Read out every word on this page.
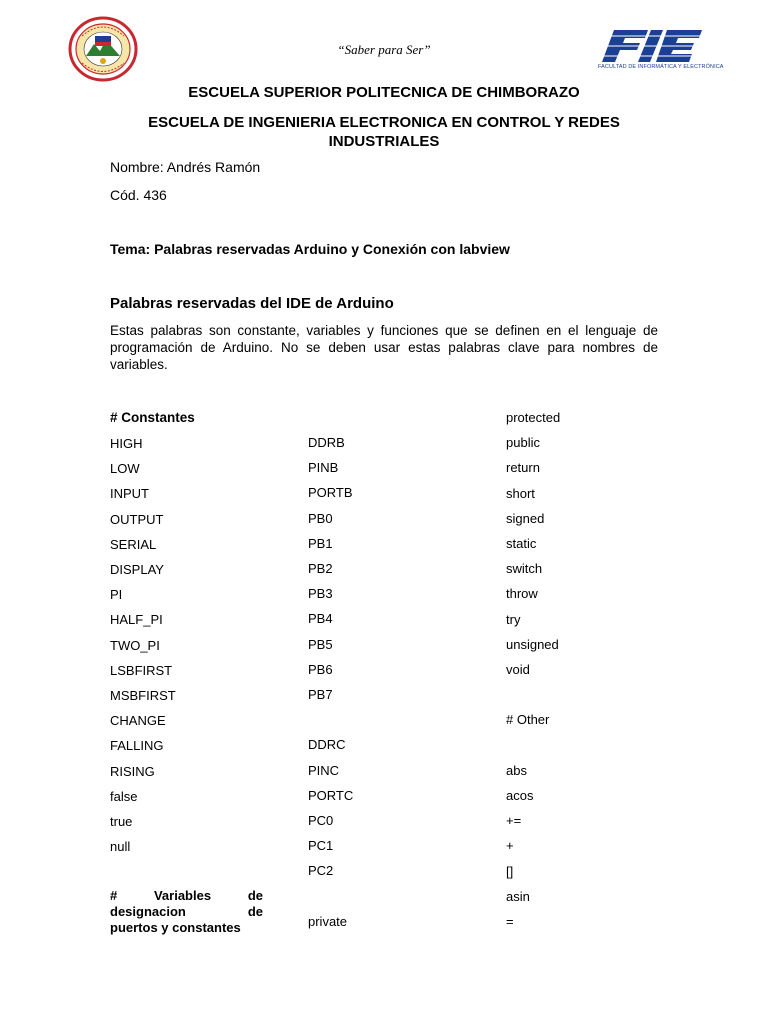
“Saber para Ser”
FACULTAD DE INFORMÁTICA Y ELECTRÓNICA
ESCUELA SUPERIOR POLITECNICA DE CHIMBORAZO
ESCUELA DE INGENIERIA ELECTRONICA EN CONTROL Y REDES INDUSTRIALES
Nombre: Andrés Ramón
Cód. 436
Tema: Palabras reservadas Arduino y Conexión con labview
Palabras reservadas del IDE de Arduino
Estas palabras son constante, variables y funciones que se definen en el lenguaje de programación de Arduino. No se deben usar estas palabras clave para nombres de variables.
# Constantes
HIGH
LOW
INPUT
OUTPUT
SERIAL
DISPLAY
PI
HALF_PI
TWO_PI
LSBFIRST
MSBFIRST
CHANGE
FALLING
RISING
false
true
null
DDRB
PINB
PORTB
PB0
PB1
PB2
PB3
PB4
PB5
PB6
PB7
DDRC
PINC
PORTC
PC0
PC1
PC2
private
protected
public
return
short
signed
static
switch
throw
try
unsigned
void
# Other
abs
acos
+=
+
[]
asin
=
# Variables de
designacion de
puertos y constantes
